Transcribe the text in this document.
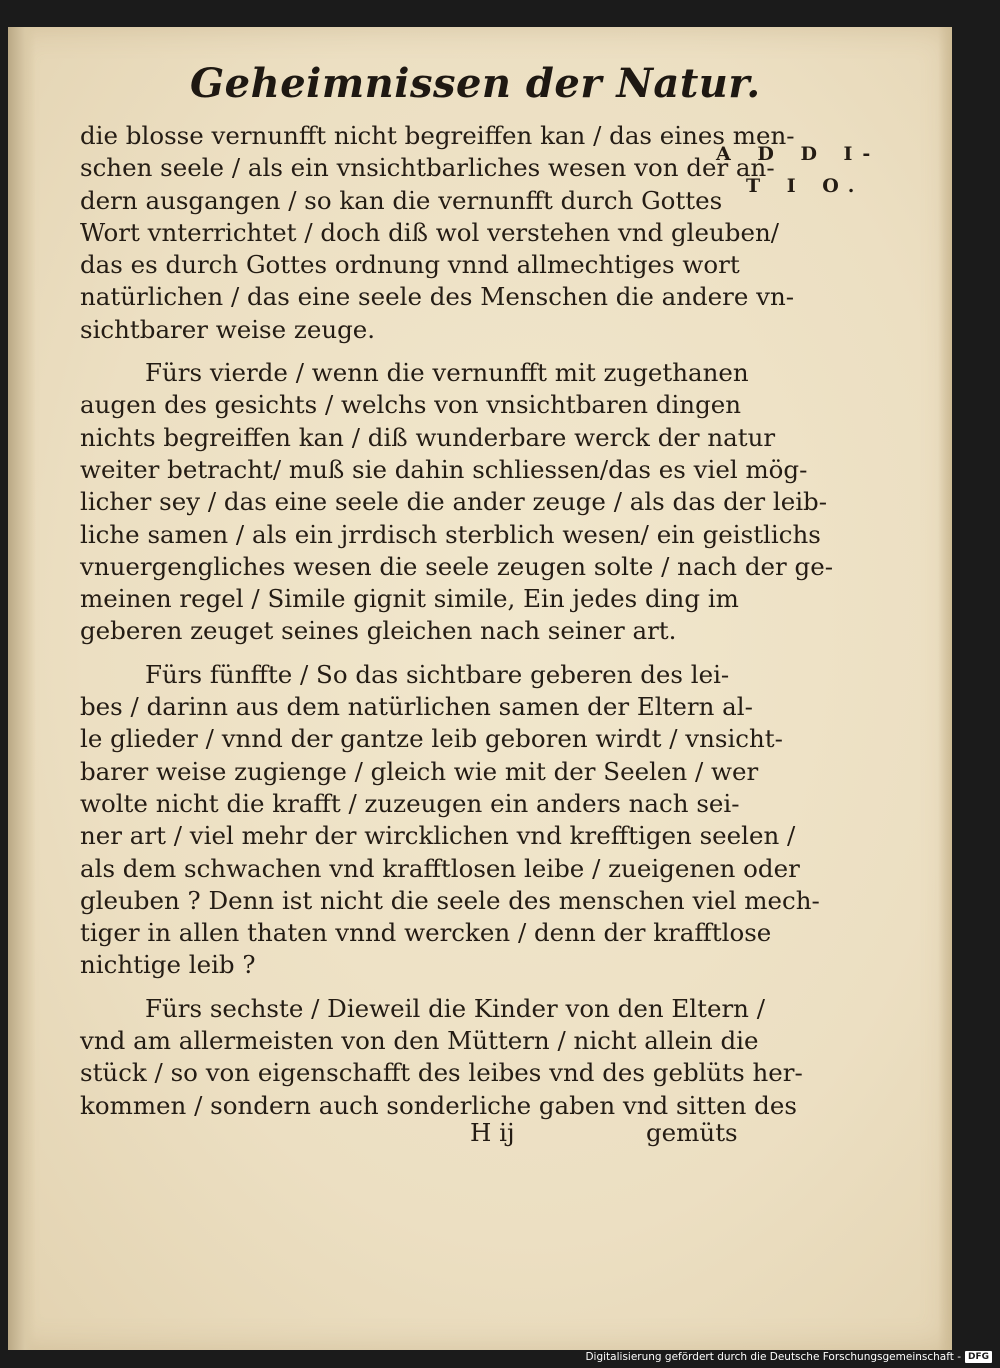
Geheimnissen der Natur.
die blosse vernunfft nicht begreiffen kan / das eines men-
schen seele / als ein vnsichtbarliches wesen von der an-
dern ausgangen / so kan die vernunfft durch Gottes
Wort vnterrichtet / doch diß wol verstehen vnd gleuben/
das es durch Gottes ordnung vnnd allmechtiges wort
natürlichen / das eine seele des Menschen die andere vn-
sichtbarer weise zeuge.
Fürs vierde / wenn die vernunfft mit zugethanen
augen des gesichts / welchs von vnsichtbaren dingen
nichts begreiffen kan / diß wunderbare werck der natur
weiter betracht/ muß sie dahin schliessen/das es viel mög-
licher sey / das eine seele die ander zeuge / als das der leib-
liche samen / als ein jrrdisch sterblich wesen/ ein geistlichs
vnuergengliches wesen die seele zeugen solte / nach der ge-
meinen regel / Simile gignit simile, Ein jedes ding im
geberen zeuget seines gleichen nach seiner art.
Fürs fünffte / So das sichtbare geberen des lei-
bes / darinn aus dem natürlichen samen der Eltern al-
le glieder / vnnd der gantze leib geboren wirdt / vnsicht-
barer weise zugienge / gleich wie mit der Seelen / wer
wolte nicht die krafft / zuzeugen ein anders nach sei-
ner art / viel mehr der wircklichen vnd krefftigen seelen /
als dem schwachen vnd krafftlosen leibe / zueigenen oder
gleuben ? Denn ist nicht die seele des menschen viel mech-
tiger in allen thaten vnnd wercken / denn der krafftlose
nichtige leib ?
Fürs sechste / Dieweil die Kinder von den Eltern /
vnd am allermeisten von den Müttern / nicht allein die
stück / so von eigenschafft des leibes vnd des geblüts her-
kommen / sondern auch sonderliche gaben vnd sitten des
A D D I-
T I O.
H ij	gemüts
Digitalisierung gefördert durch die Deutsche Forschungsgemeinschaft - DFG
